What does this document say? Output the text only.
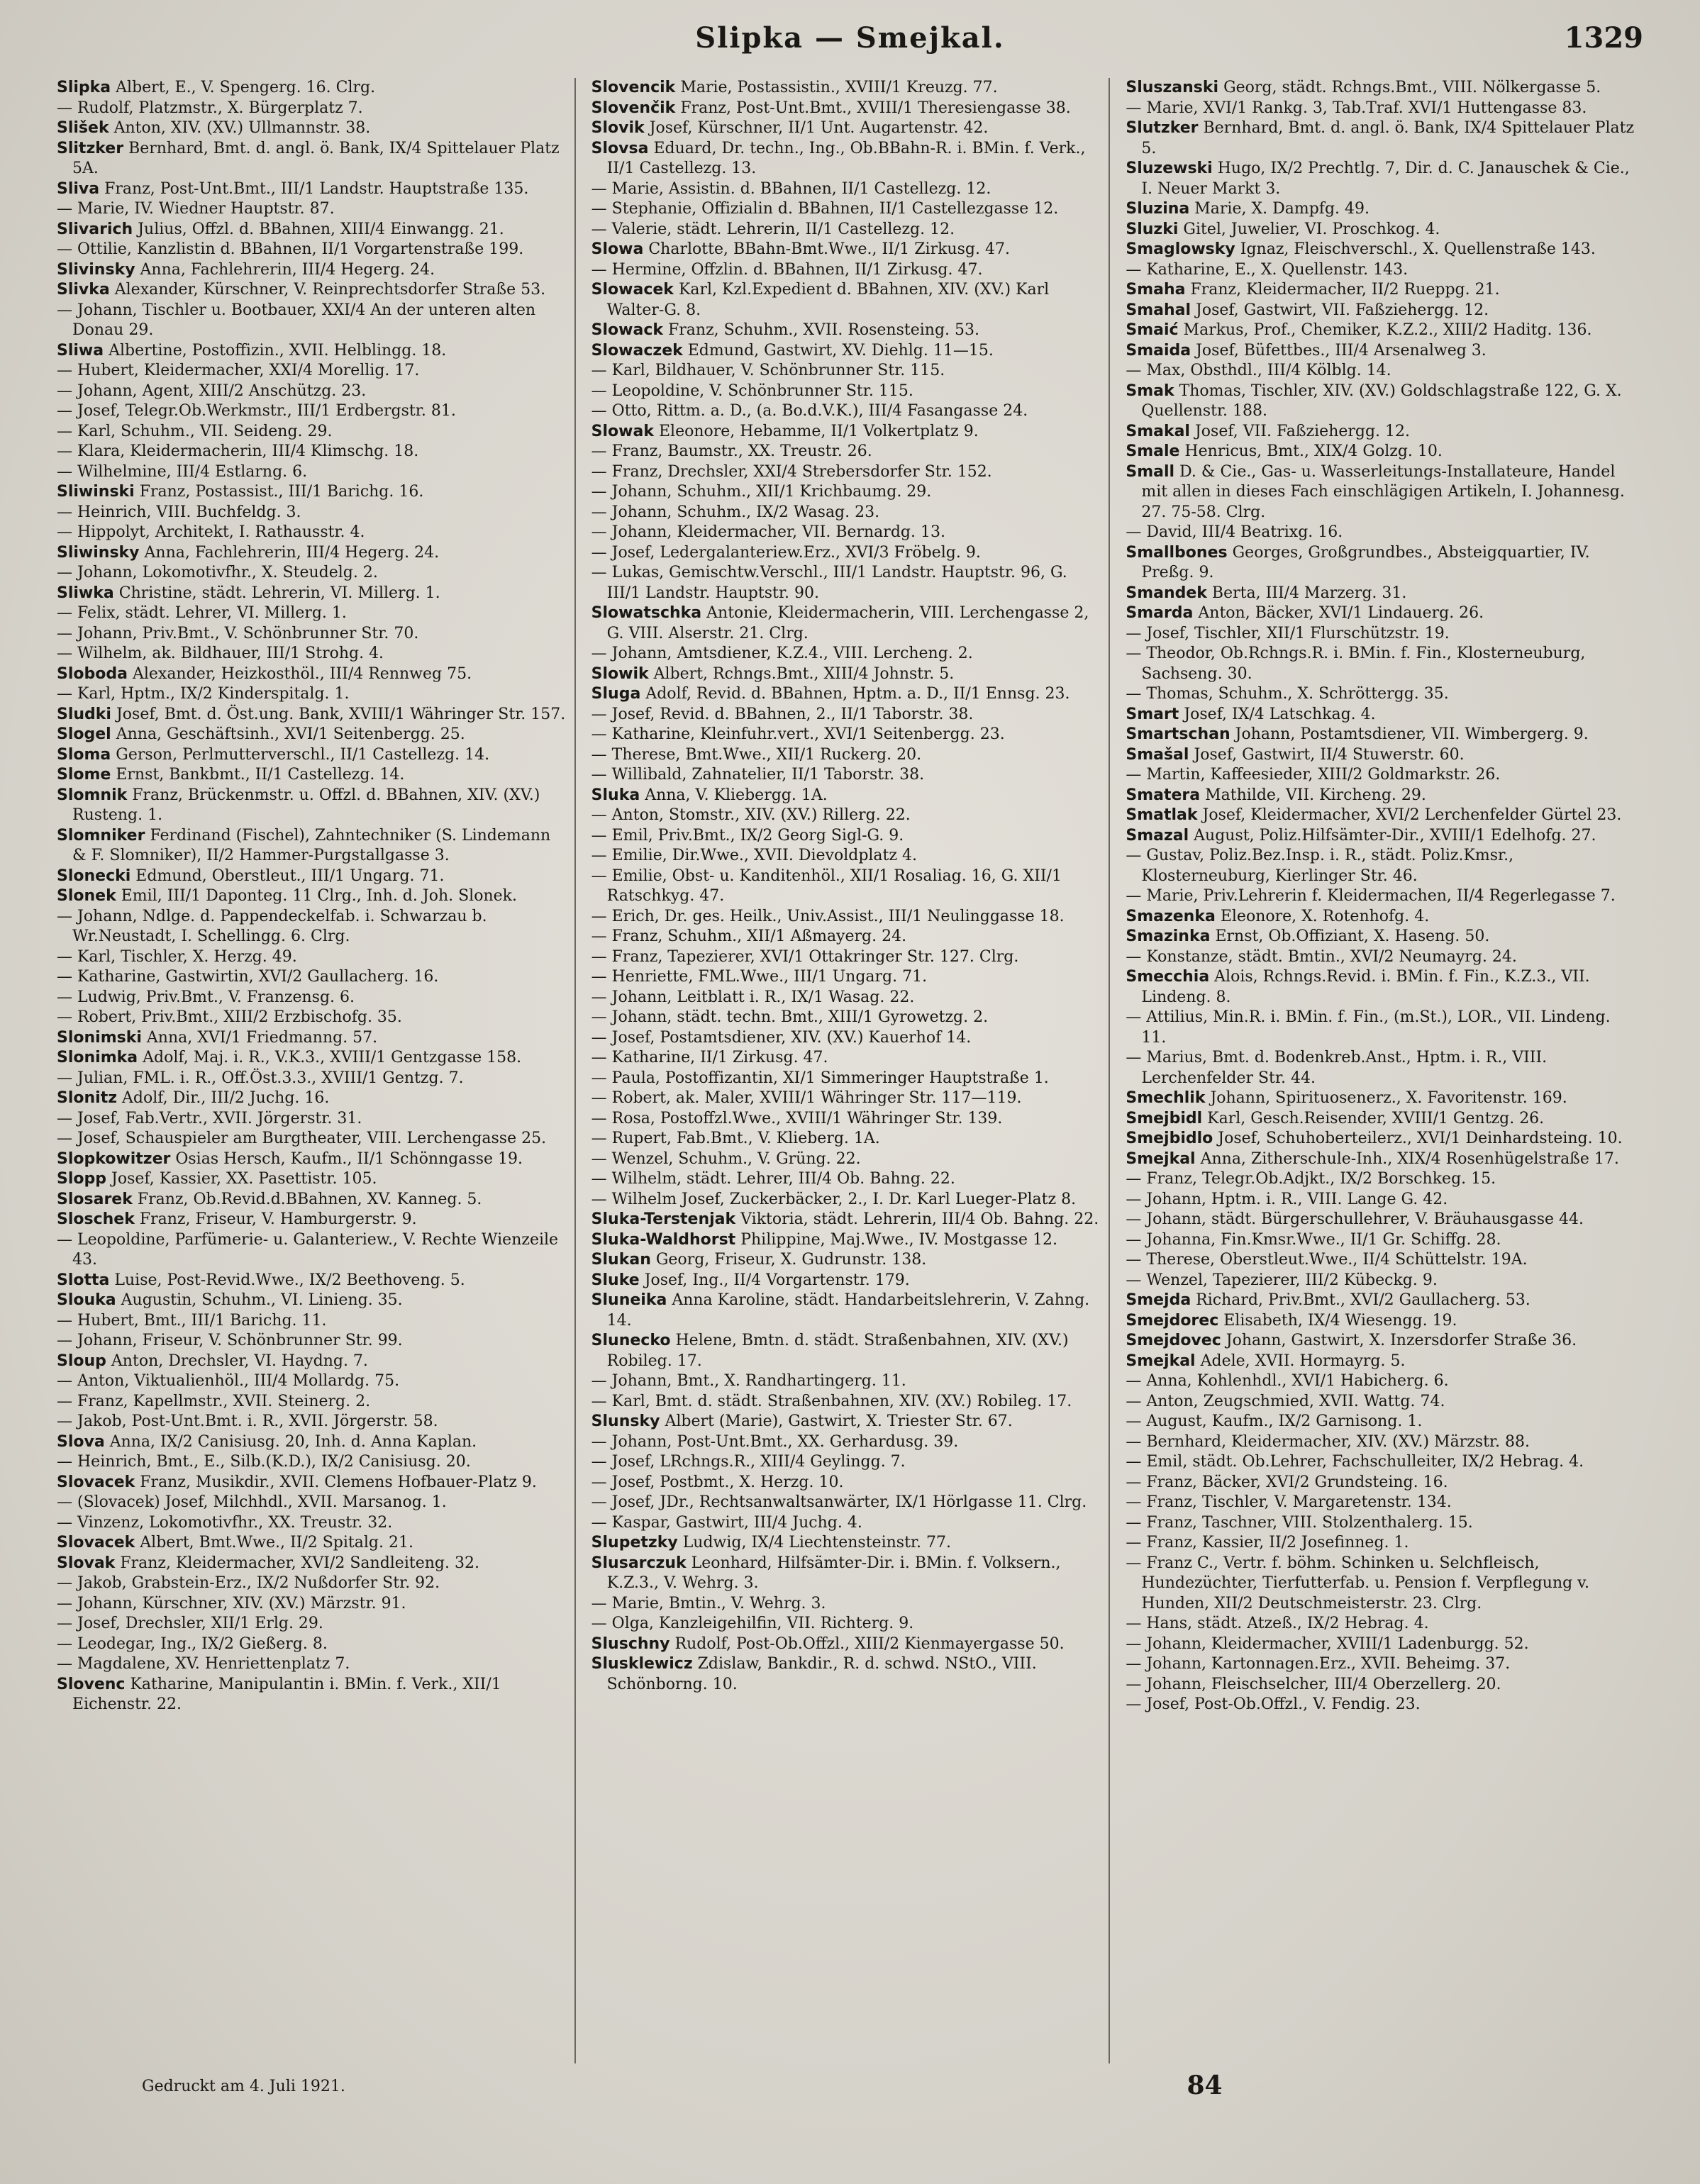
Slipka — Smejkal.	1329

Slipka Albert, E., V. Spengerg. 16. Clrg.

— Rudolf, Platzmstr., X. Bürgerplatz 7.

Slišek Anton, XIV. (XV.) Ullmannstr. 38.

Slitzker Bernhard, Bmt. d. angl. ö. Bank, IX/4 Spittelauer Platz 5A.

Sliva Franz, Post-Unt.Bmt., III/1 Landstr. Hauptstraße 135.

— Marie, IV. Wiedner Hauptstr. 87.

Slivarich Julius, Offzl. d. BBahnen, XIII/4 Einwangg. 21.

— Ottilie, Kanzlistin d. BBahnen, II/1 Vorgartenstraße 199.

Slivinsky Anna, Fachlehrerin, III/4 Hegerg. 24.

Slivka Alexander, Kürschner, V. Reinprechtsdorfer Straße 53.

— Johann, Tischler u. Bootbauer, XXI/4 An der unteren alten Donau 29.

Sliwa Albertine, Postoffizin., XVII. Helblingg. 18.

— Hubert, Kleidermacher, XXI/4 Morellig. 17.

— Johann, Agent, XIII/2 Anschützg. 23.

— Josef, Telegr.Ob.Werkmstr., III/1 Erdbergstr. 81.

— Karl, Schuhm., VII. Seideng. 29.

— Klara, Kleidermacherin, III/4 Klimschg. 18.

— Wilhelmine, III/4 Estlarng. 6.

Sliwinski Franz, Postassist., III/1 Barichg. 16.

— Heinrich, VIII. Buchfeldg. 3.

— Hippolyt, Architekt, I. Rathausstr. 4.

Sliwinsky Anna, Fachlehrerin, III/4 Hegerg. 24.

— Johann, Lokomotivfhr., X. Steudelg. 2.

Sliwka Christine, städt. Lehrerin, VI. Millerg. 1.

— Felix, städt. Lehrer, VI. Millerg. 1.

— Johann, Priv.Bmt., V. Schönbrunner Str. 70.

— Wilhelm, ak. Bildhauer, III/1 Strohg. 4.

Sloboda Alexander, Heizkosthöl., III/4 Rennweg 75.

— Karl, Hptm., IX/2 Kinderspitalg. 1.

Sludki Josef, Bmt. d. Öst.ung. Bank, XVIII/1 Währinger Str. 157.

Slogel Anna, Geschäftsinh., XVI/1 Seitenbergg. 25.

Sloma Gerson, Perlmutterverschl., II/1 Castellezg. 14.

Slome Ernst, Bankbmt., II/1 Castellezg. 14.

Slomnik Franz, Brückenmstr. u. Offzl. d. BBahnen, XIV. (XV.) Rusteng. 1.

Slomniker Ferdinand (Fischel), Zahntechniker (S. Lindemann & F. Slomniker), II/2 Hammer-Purgstallgasse 3.

Slonecki Edmund, Oberstleut., III/1 Ungarg. 71.

Slonek Emil, III/1 Daponteg. 11 Clrg., Inh. d. Joh. Slonek.

— Johann, Ndlge. d. Pappendeckelfab. i. Schwarzau b. Wr.Neustadt, I. Schellingg. 6. Clrg.

— Karl, Tischler, X. Herzg. 49.

— Katharine, Gastwirtin, XVI/2 Gaullacherg. 16.

— Ludwig, Priv.Bmt., V. Franzensg. 6.

— Robert, Priv.Bmt., XIII/2 Erzbischofg. 35.

Slonimski Anna, XVI/1 Friedmanng. 57.

Slonimka Adolf, Maj. i. R., V.K.3., XVIII/1 Gentzgasse 158.

— Julian, FML. i. R., Off.Öst.3.3., XVIII/1 Gentzg. 7.

Slonitz Adolf, Dir., III/2 Juchg. 16.

— Josef, Fab.Vertr., XVII. Jörgerstr. 31.

— Josef, Schauspieler am Burgtheater, VIII. Lerchengasse 25.

Slopkowitzer Osias Hersch, Kaufm., II/1 Schönngasse 19.

Slopp Josef, Kassier, XX. Pasettistr. 105.

Slosarek Franz, Ob.Revid.d.BBahnen, XV. Kanneg. 5.

Sloschek Franz, Friseur, V. Hamburgerstr. 9.

— Leopoldine, Parfümerie- u. Galanteriew., V. Rechte Wienzeile 43.

Slotta Luise, Post-Revid.Wwe., IX/2 Beethoveng. 5.

Slouka Augustin, Schuhm., VI. Linieng. 35.

— Hubert, Bmt., III/1 Barichg. 11.

— Johann, Friseur, V. Schönbrunner Str. 99.

Sloup Anton, Drechsler, VI. Haydng. 7.

— Anton, Viktualienhöl., III/4 Mollardg. 75.

— Franz, Kapellmstr., XVII. Steinerg. 2.

— Jakob, Post-Unt.Bmt. i. R., XVII. Jörgerstr. 58.

Slova Anna, IX/2 Canisiusg. 20, Inh. d. Anna Kaplan.

— Heinrich, Bmt., E., Silb.(K.D.), IX/2 Canisiusg. 20.

Slovacek Franz, Musikdir., XVII. Clemens Hofbauer-Platz 9.

— (Slovacek) Josef, Milchhdl., XVII. Marsanog. 1.

— Vinzenz, Lokomotivfhr., XX. Treustr. 32.

Slovacek Albert, Bmt.Wwe., II/2 Spitalg. 21.

Slovak Franz, Kleidermacher, XVI/2 Sandleiteng. 32.

— Jakob, Grabstein-Erz., IX/2 Nußdorfer Str. 92.

— Johann, Kürschner, XIV. (XV.) Märzstr. 91.

— Josef, Drechsler, XII/1 Erlg. 29.

— Leodegar, Ing., IX/2 Gießerg. 8.

— Magdalene, XV. Henriettenplatz 7.

Slovenc Katharine, Manipulantin i. BMin. f. Verk., XII/1 Eichenstr. 22.

Slovencik Marie, Postassistin., XVIII/1 Kreuzg. 77.

Slovenčik Franz, Post-Unt.Bmt., XVIII/1 Theresiengasse 38.

Slovik Josef, Kürschner, II/1 Unt. Augartenstr. 42.

Slovsa Eduard, Dr. techn., Ing., Ob.BBahn-R. i. BMin. f. Verk., II/1 Castellezg. 13.

— Marie, Assistin. d. BBahnen, II/1 Castellezg. 12.

— Stephanie, Offizialin d. BBahnen, II/1 Castellezgasse 12.

— Valerie, städt. Lehrerin, II/1 Castellezg. 12.

Slowa Charlotte, BBahn-Bmt.Wwe., II/1 Zirkusg. 47.

— Hermine, Offzlin. d. BBahnen, II/1 Zirkusg. 47.

Slowacek Karl, Kzl.Expedient d. BBahnen, XIV. (XV.) Karl Walter-G. 8.

Slowack Franz, Schuhm., XVII. Rosensteing. 53.

Slowaczek Edmund, Gastwirt, XV. Diehlg. 11—15.

— Karl, Bildhauer, V. Schönbrunner Str. 115.

— Leopoldine, V. Schönbrunner Str. 115.

— Otto, Rittm. a. D., (a. Bo.d.V.K.), III/4 Fasangasse 24.

Slowak Eleonore, Hebamme, II/1 Volkertplatz 9.

— Franz, Baumstr., XX. Treustr. 26.

— Franz, Drechsler, XXI/4 Strebersdorfer Str. 152.

— Johann, Schuhm., XII/1 Krichbaumg. 29.

— Johann, Schuhm., IX/2 Wasag. 23.

— Johann, Kleidermacher, VII. Bernardg. 13.

— Josef, Ledergalanteriew.Erz., XVI/3 Fröbelg. 9.

— Lukas, Gemischtw.Verschl., III/1 Landstr. Hauptstr. 96, G. III/1 Landstr. Hauptstr. 90.

Slowatschka Antonie, Kleidermacherin, VIII. Lerchengasse 2, G. VIII. Alserstr. 21. Clrg.

— Johann, Amtsdiener, K.Z.4., VIII. Lercheng. 2.

Slowik Albert, Rchngs.Bmt., XIII/4 Johnstr. 5.

Sluga Adolf, Revid. d. BBahnen, Hptm. a. D., II/1 Ennsg. 23.

— Josef, Revid. d. BBahnen, 2., II/1 Taborstr. 38.

— Katharine, Kleinfuhr.vert., XVI/1 Seitenbergg. 23.

— Therese, Bmt.Wwe., XII/1 Ruckerg. 20.

— Willibald, Zahnatelier, II/1 Taborstr. 38.

Sluka Anna, V. Kliebergg. 1A.

— Anton, Stomstr., XIV. (XV.) Rillerg. 22.

— Emil, Priv.Bmt., IX/2 Georg Sigl-G. 9.

— Emilie, Dir.Wwe., XVII. Dievoldplatz 4.

— Emilie, Obst- u. Kanditenhöl., XII/1 Rosaliag. 16, G. XII/1 Ratschkyg. 47.

— Erich, Dr. ges. Heilk., Univ.Assist., III/1 Neulinggasse 18.

— Franz, Schuhm., XII/1 Aßmayerg. 24.

— Franz, Tapezierer, XVI/1 Ottakringer Str. 127. Clrg.

— Henriette, FML.Wwe., III/1 Ungarg. 71.

— Johann, Leitblatt i. R., IX/1 Wasag. 22.

— Johann, städt. techn. Bmt., XIII/1 Gyrowetzg. 2.

— Josef, Postamtsdiener, XIV. (XV.) Kauerhof 14.

— Katharine, II/1 Zirkusg. 47.

— Paula, Postoffizantin, XI/1 Simmeringer Hauptstraße 1.

— Robert, ak. Maler, XVIII/1 Währinger Str. 117—119.

— Rosa, Postoffzl.Wwe., XVIII/1 Währinger Str. 139.

— Rupert, Fab.Bmt., V. Klieberg. 1A.

— Wenzel, Schuhm., V. Grüng. 22.

— Wilhelm, städt. Lehrer, III/4 Ob. Bahng. 22.

— Wilhelm Josef, Zuckerbäcker, 2., I. Dr. Karl Lueger-Platz 8.

Sluka-Terstenjak Viktoria, städt. Lehrerin, III/4 Ob. Bahng. 22.

Sluka-Waldhorst Philippine, Maj.Wwe., IV. Mostgasse 12.

Slukan Georg, Friseur, X. Gudrunstr. 138.

Sluke Josef, Ing., II/4 Vorgartenstr. 179.

Sluneika Anna Karoline, städt. Handarbeitslehrerin, V. Zahng. 14.

Slunecko Helene, Bmtn. d. städt. Straßenbahnen, XIV. (XV.) Robileg. 17.

— Johann, Bmt., X. Randhartingerg. 11.

— Karl, Bmt. d. städt. Straßenbahnen, XIV. (XV.) Robileg. 17.

Slunsky Albert (Marie), Gastwirt, X. Triester Str. 67.

— Johann, Post-Unt.Bmt., XX. Gerhardusg. 39.

— Josef, LRchngs.R., XIII/4 Geylingg. 7.

— Josef, Postbmt., X. Herzg. 10.

— Josef, JDr., Rechtsanwaltsanwärter, IX/1 Hörlgasse 11. Clrg.

— Kaspar, Gastwirt, III/4 Juchg. 4.

Slupetzky Ludwig, IX/4 Liechtensteinstr. 77.

Slusarczuk Leonhard, Hilfsämter-Dir. i. BMin. f. Volksern., K.Z.3., V. Wehrg. 3.

— Marie, Bmtin., V. Wehrg. 3.

— Olga, Kanzleigehilfin, VII. Richterg. 9.

Sluschny Rudolf, Post-Ob.Offzl., XIII/2 Kienmayergasse 50.

Slusklewicz Zdislaw, Bankdir., R. d. schwd. NStO., VIII. Schönborng. 10.

Sluszanski Georg, städt. Rchngs.Bmt., VIII. Nölkergasse 5.

— Marie, XVI/1 Rankg. 3, Tab.Traf. XVI/1 Huttengasse 83.

Slutzker Bernhard, Bmt. d. angl. ö. Bank, IX/4 Spittelauer Platz 5.

Sluzewski Hugo, IX/2 Prechtlg. 7, Dir. d. C. Janauschek & Cie., I. Neuer Markt 3.

Sluzina Marie, X. Dampfg. 49.

Sluzki Gitel, Juwelier, VI. Proschkog. 4.

Smaglowsky Ignaz, Fleischverschl., X. Quellenstraße 143.

— Katharine, E., X. Quellenstr. 143.

Smaha Franz, Kleidermacher, II/2 Rueppg. 21.

Smahal Josef, Gastwirt, VII. Faßziehergg. 12.

Smaić Markus, Prof., Chemiker, K.Z.2., XIII/2 Haditg. 136.

Smaida Josef, Büfettbes., III/4 Arsenalweg 3.

— Max, Obsthdl., III/4 Kölblg. 14.

Smak Thomas, Tischler, XIV. (XV.) Goldschlagstraße 122, G. X. Quellenstr. 188.

Smakal Josef, VII. Faßziehergg. 12.

Smale Henricus, Bmt., XIX/4 Golzg. 10.

Small D. & Cie., Gas- u. Wasserleitungs-Installateure, Handel mit allen in dieses Fach einschlägigen Artikeln, I. Johannesg. 27. 75-58. Clrg.

— David, III/4 Beatrixg. 16.

Smallbones Georges, Großgrundbes., Absteigquartier, IV. Preßg. 9.

Smandek Berta, III/4 Marzerg. 31.

Smarda Anton, Bäcker, XVI/1 Lindauerg. 26.

— Josef, Tischler, XII/1 Flurschützstr. 19.

— Theodor, Ob.Rchngs.R. i. BMin. f. Fin., Klosterneuburg, Sachseng. 30.

— Thomas, Schuhm., X. Schröttergg. 35.

Smart Josef, IX/4 Latschkag. 4.

Smartschan Johann, Postamtsdiener, VII. Wimbergerg. 9.

Smašal Josef, Gastwirt, II/4 Stuwerstr. 60.

— Martin, Kaffeesieder, XIII/2 Goldmarkstr. 26.

Smatera Mathilde, VII. Kircheng. 29.

Smatlak Josef, Kleidermacher, XVI/2 Lerchenfelder Gürtel 23.

Smazal August, Poliz.Hilfsämter-Dir., XVIII/1 Edelhofg. 27.

— Gustav, Poliz.Bez.Insp. i. R., städt. Poliz.Kmsr., Klosterneuburg, Kierlinger Str. 46.

— Marie, Priv.Lehrerin f. Kleidermachen, II/4 Regerlegasse 7.

Smazenka Eleonore, X. Rotenhofg. 4.

Smazinka Ernst, Ob.Offiziant, X. Haseng. 50.

— Konstanze, städt. Bmtin., XVI/2 Neumayrg. 24.

Smecchia Alois, Rchngs.Revid. i. BMin. f. Fin., K.Z.3., VII. Lindeng. 8.

— Attilius, Min.R. i. BMin. f. Fin., (m.St.), LOR., VII. Lindeng. 11.

— Marius, Bmt. d. Bodenkreb.Anst., Hptm. i. R., VIII. Lerchenfelder Str. 44.

Smechlik Johann, Spirituosenerz., X. Favoritenstr. 169.

Smejbidl Karl, Gesch.Reisender, XVIII/1 Gentzg. 26.

Smejbidlo Josef, Schuhoberteilerz., XVI/1 Deinhardsteing. 10.

Smejkal Anna, Zitherschule-Inh., XIX/4 Rosenhügelstraße 17.

— Franz, Telegr.Ob.Adjkt., IX/2 Borschkeg. 15.

— Johann, Hptm. i. R., VIII. Lange G. 42.

— Johann, städt. Bürgerschullehrer, V. Bräuhausgasse 44.

— Johanna, Fin.Kmsr.Wwe., II/1 Gr. Schiffg. 28.

— Therese, Oberstleut.Wwe., II/4 Schüttelstr. 19A.

— Wenzel, Tapezierer, III/2 Kübeckg. 9.

Smejda Richard, Priv.Bmt., XVI/2 Gaullacherg. 53.

Smejdorec Elisabeth, IX/4 Wiesengg. 19.

Smejdovec Johann, Gastwirt, X. Inzersdorfer Straße 36.

Smejkal Adele, XVII. Hormayrg. 5.

— Anna, Kohlenhdl., XVI/1 Habicherg. 6.

— Anton, Zeugschmied, XVII. Wattg. 74.

— August, Kaufm., IX/2 Garnisong. 1.

— Bernhard, Kleidermacher, XIV. (XV.) Märzstr. 88.

— Emil, städt. Ob.Lehrer, Fachschulleiter, IX/2 Hebrag. 4.

— Franz, Bäcker, XVI/2 Grundsteing. 16.

— Franz, Tischler, V. Margaretenstr. 134.

— Franz, Taschner, VIII. Stolzenthalerg. 15.

— Franz, Kassier, II/2 Josefinneg. 1.

— Franz C., Vertr. f. böhm. Schinken u. Selchfleisch, Hundezüchter, Tierfutterfab. u. Pension f. Verpflegung v. Hunden, XII/2 Deutschmeisterstr. 23. Clrg.

— Hans, städt. Atzeß., IX/2 Hebrag. 4.

— Johann, Kleidermacher, XVIII/1 Ladenburgg. 52.

— Johann, Kartonnagen.Erz., XVII. Beheimg. 37.

— Johann, Fleischselcher, III/4 Oberzellerg. 20.

— Josef, Post-Ob.Offzl., V. Fendig. 23.

Gedruckt am 4. Juli 1921.	84
